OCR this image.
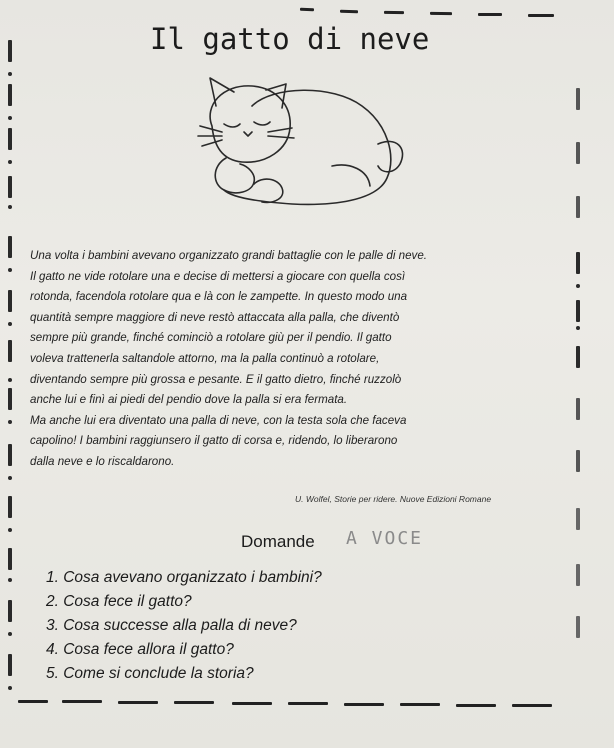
Il gatto di neve
Una volta i bambini avevano organizzato grandi battaglie con le palle di neve.
Il gatto ne vide rotolare una e decise di mettersi a giocare con quella così
rotonda, facendola rotolare qua e là con le zampette. In questo modo una
quantità sempre maggiore di neve restò attaccata alla palla, che diventò
sempre più grande, finché cominciò a rotolare giù per il pendio. Il gatto
voleva trattenerla saltandole attorno, ma la palla continuò a rotolare,
diventando sempre più grossa e pesante. E il gatto dietro, finché ruzzolò
anche lui e finì ai piedi del pendio dove la palla si era fermata.
Ma anche lui era diventato una palla di neve, con la testa sola che faceva
capolino! I bambini raggiunsero il gatto di corsa e, ridendo, lo liberarono
dalla neve e lo riscaldarono.
U. Wolfel, Storie per ridere. Nuove Edizioni Romane
Domande A VOCE
1. Cosa avevano organizzato i bambini?
2. Cosa fece il gatto?
3. Cosa successe alla palla di neve?
4. Cosa fece allora il gatto?
5. Come si conclude la storia?
